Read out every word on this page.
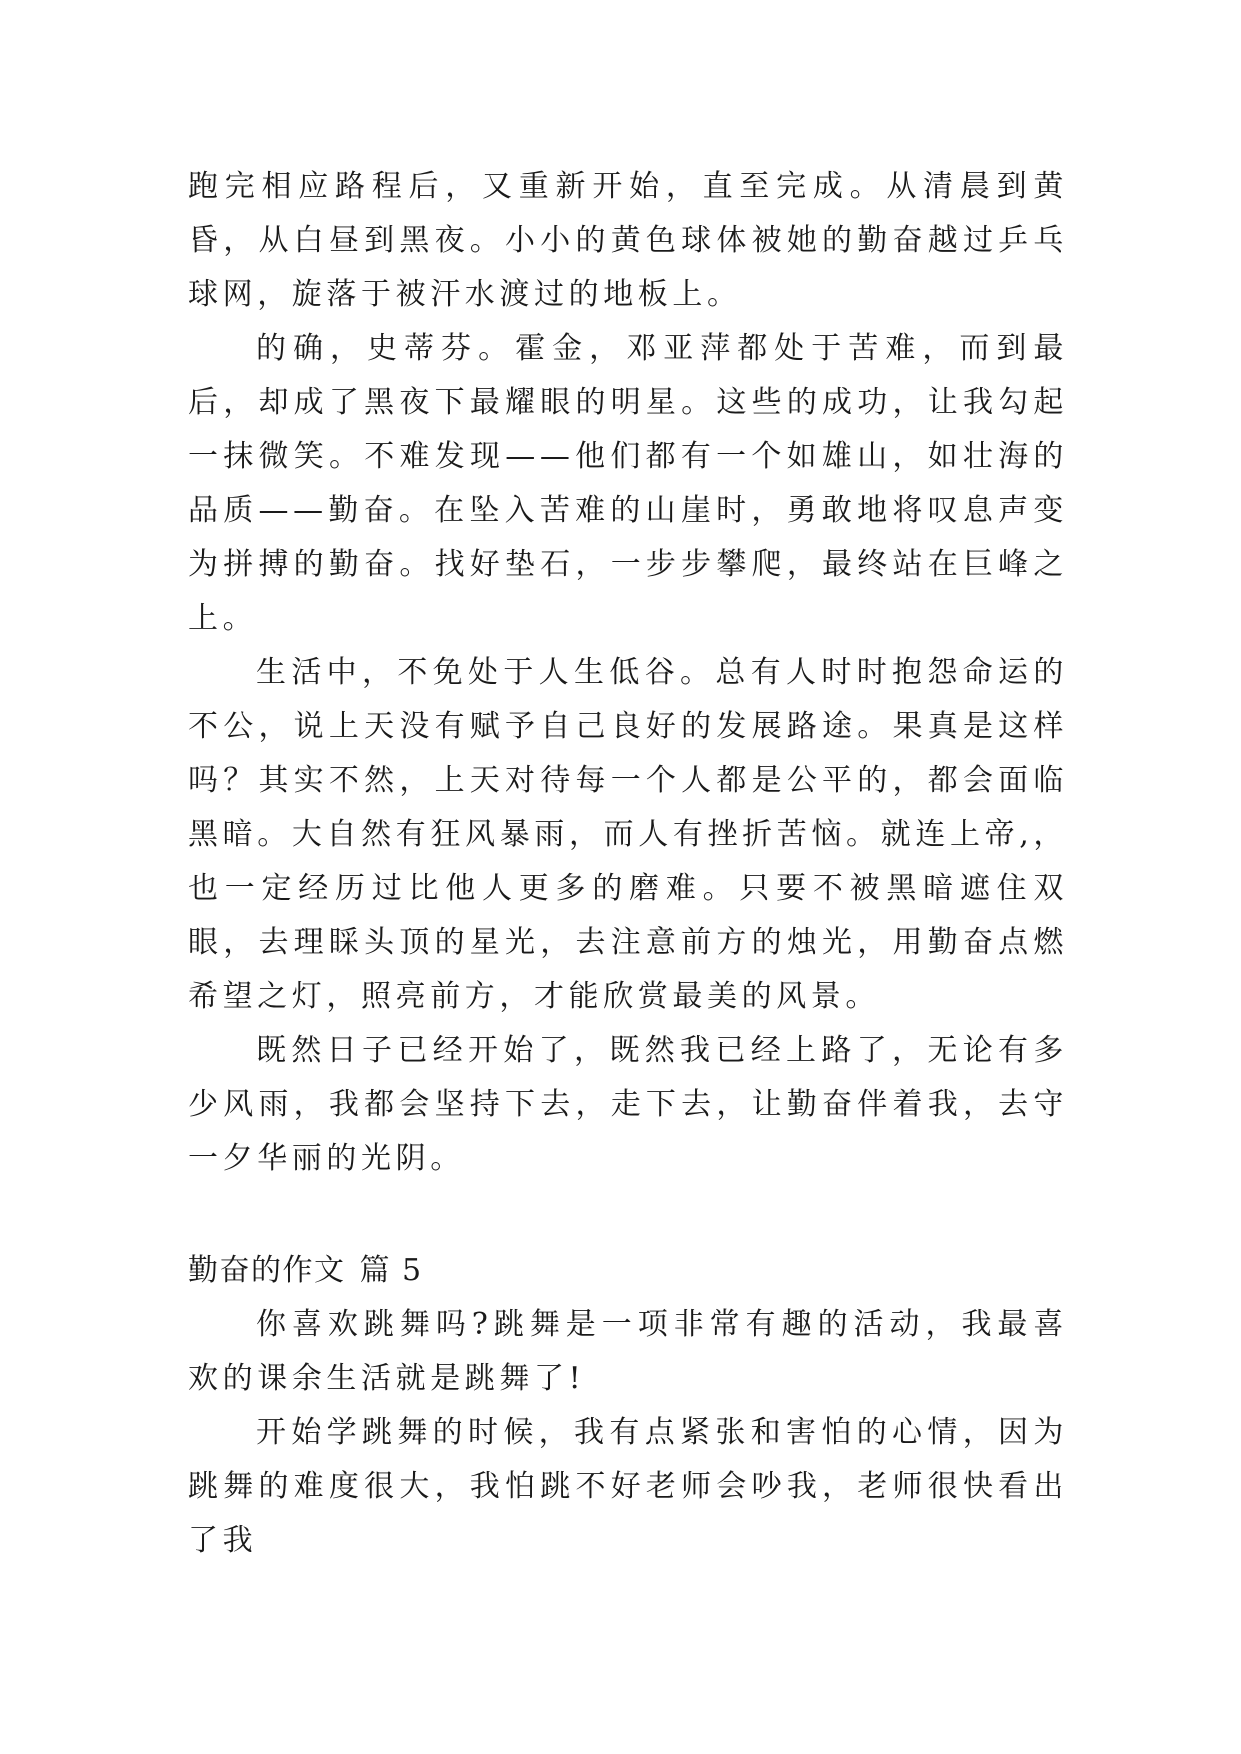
跑完相应路程后，又重新开始，直至完成。从清晨到黄昏，从白昼到黑夜。小小的黄色球体被她的勤奋越过乒乓球网，旋落于被汗水渡过的地板上。

的确，史蒂芬。霍金，邓亚萍都处于苦难，而到最后，却成了黑夜下最耀眼的明星。这些的成功，让我勾起一抹微笑。不难发现——他们都有一个如雄山，如壮海的品质——勤奋。在坠入苦难的山崖时，勇敢地将叹息声变为拼搏的勤奋。找好垫石，一步步攀爬，最终站在巨峰之上。

生活中，不免处于人生低谷。总有人时时抱怨命运的不公，说上天没有赋予自己良好的发展路途。果真是这样吗？其实不然，上天对待每一个人都是公平的，都会面临黑暗。大自然有狂风暴雨，而人有挫折苦恼。就连上帝,，也一定经历过比他人更多的磨难。只要不被黑暗遮住双眼，去理睬头顶的星光，去注意前方的烛光，用勤奋点燃希望之灯，照亮前方，才能欣赏最美的风景。

既然日子已经开始了，既然我已经上路了，无论有多少风雨，我都会坚持下去，走下去，让勤奋伴着我，去守一夕华丽的光阴。

勤奋的作文 篇 5

你喜欢跳舞吗?跳舞是一项非常有趣的活动，我最喜欢的课余生活就是跳舞了!

开始学跳舞的时候，我有点紧张和害怕的心情，因为跳舞的难度很大，我怕跳不好老师会吵我，老师很快看出了我
